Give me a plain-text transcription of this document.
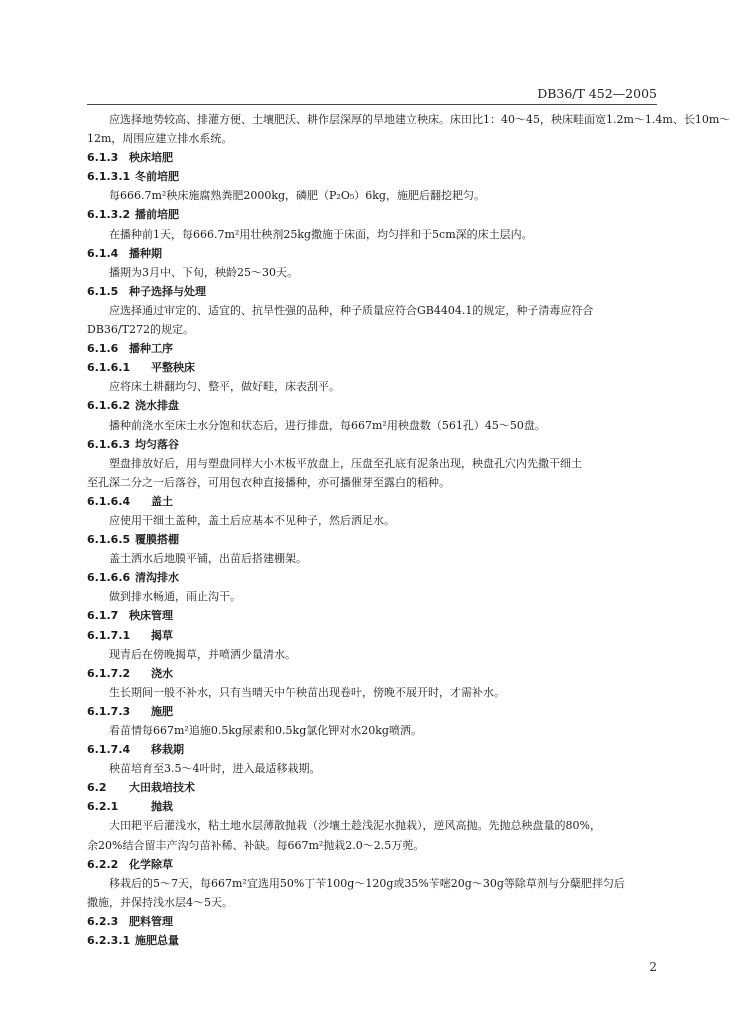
DB36/T 452—2005
应选择地势较高、排灌方便、土壤肥沃、耕作层深厚的旱地建立秧床。床田比1：40～45，秧床畦面宽1.2m～1.4m、长10m～
12m，周围应建立排水系统。
6.1.3 秧床培肥
6.1.3.1 冬前培肥
每666.7m²秧床施腐熟粪肥2000kg，磷肥（P₂O₅）6kg，施肥后翻挖耙匀。
6.1.3.2 播前培肥
在播种前1天，每666.7m²用壮秧剂25kg撒施于床面，均匀拌和于5cm深的床土层内。
6.1.4 播种期
播期为3月中、下旬，秧龄25～30天。
6.1.5 种子选择与处理
应选择通过审定的、适宜的、抗旱性强的品种，种子质量应符合GB4404.1的规定，种子清毒应符合
DB36/T272的规定。
6.1.6 播种工序
6.1.6.1 平整秧床
应将床土耕翻均匀、整平，做好畦，床表刮平。
6.1.6.2 浇水排盘
播种前浇水至床土水分饱和状态后，进行排盘，每667m²用秧盘数（561孔）45～50盘。
6.1.6.3 均匀落谷
塑盘排放好后，用与塑盘同样大小木板平放盘上，压盘至孔底有泥条出现，秧盘孔穴内先撒干细土
至孔深二分之一后落谷，可用包衣种直接播种，亦可播催芽至露白的稻种。
6.1.6.4 盖土
应使用干细土盖种，盖土后应基本不见种子，然后洒足水。
6.1.6.5 覆膜搭棚
盖土洒水后地膜平铺，出苗后搭建棚架。
6.1.6.6 清沟排水
做到排水畅通，雨止沟干。
6.1.7 秧床管理
6.1.7.1 揭草
现青后在傍晚揭草，并喷洒少量清水。
6.1.7.2 浇水
生长期间一般不补水，只有当晴天中午秧苗出现卷叶，傍晚不展开时，才需补水。
6.1.7.3 施肥
看苗情每667m²追施0.5kg尿素和0.5kg氯化钾对水20kg喷洒。
6.1.7.4 移栽期
秧苗培育至3.5～4叶时，进入最适移栽期。
6.2 大田栽培技术
6.2.1	抛栽
大田耙平后灌浅水，粘土地水层薄散抛栽（沙壤土趁浅泥水抛栽），逆风高抛。先抛总秧盘量的80%，
余20%结合留丰产沟匀苗补稀、补缺。每667m²抛栽2.0～2.5万蔸。
6.2.2 化学除草
移栽后的5～7天，每667m²宜选用50%丁苄100g～120g或35%苄嘧20g～30g等除草剂与分蘖肥拌匀后
撒施，并保持浅水层4～5天。
6.2.3 肥料管理
6.2.3.1 施肥总量
2
